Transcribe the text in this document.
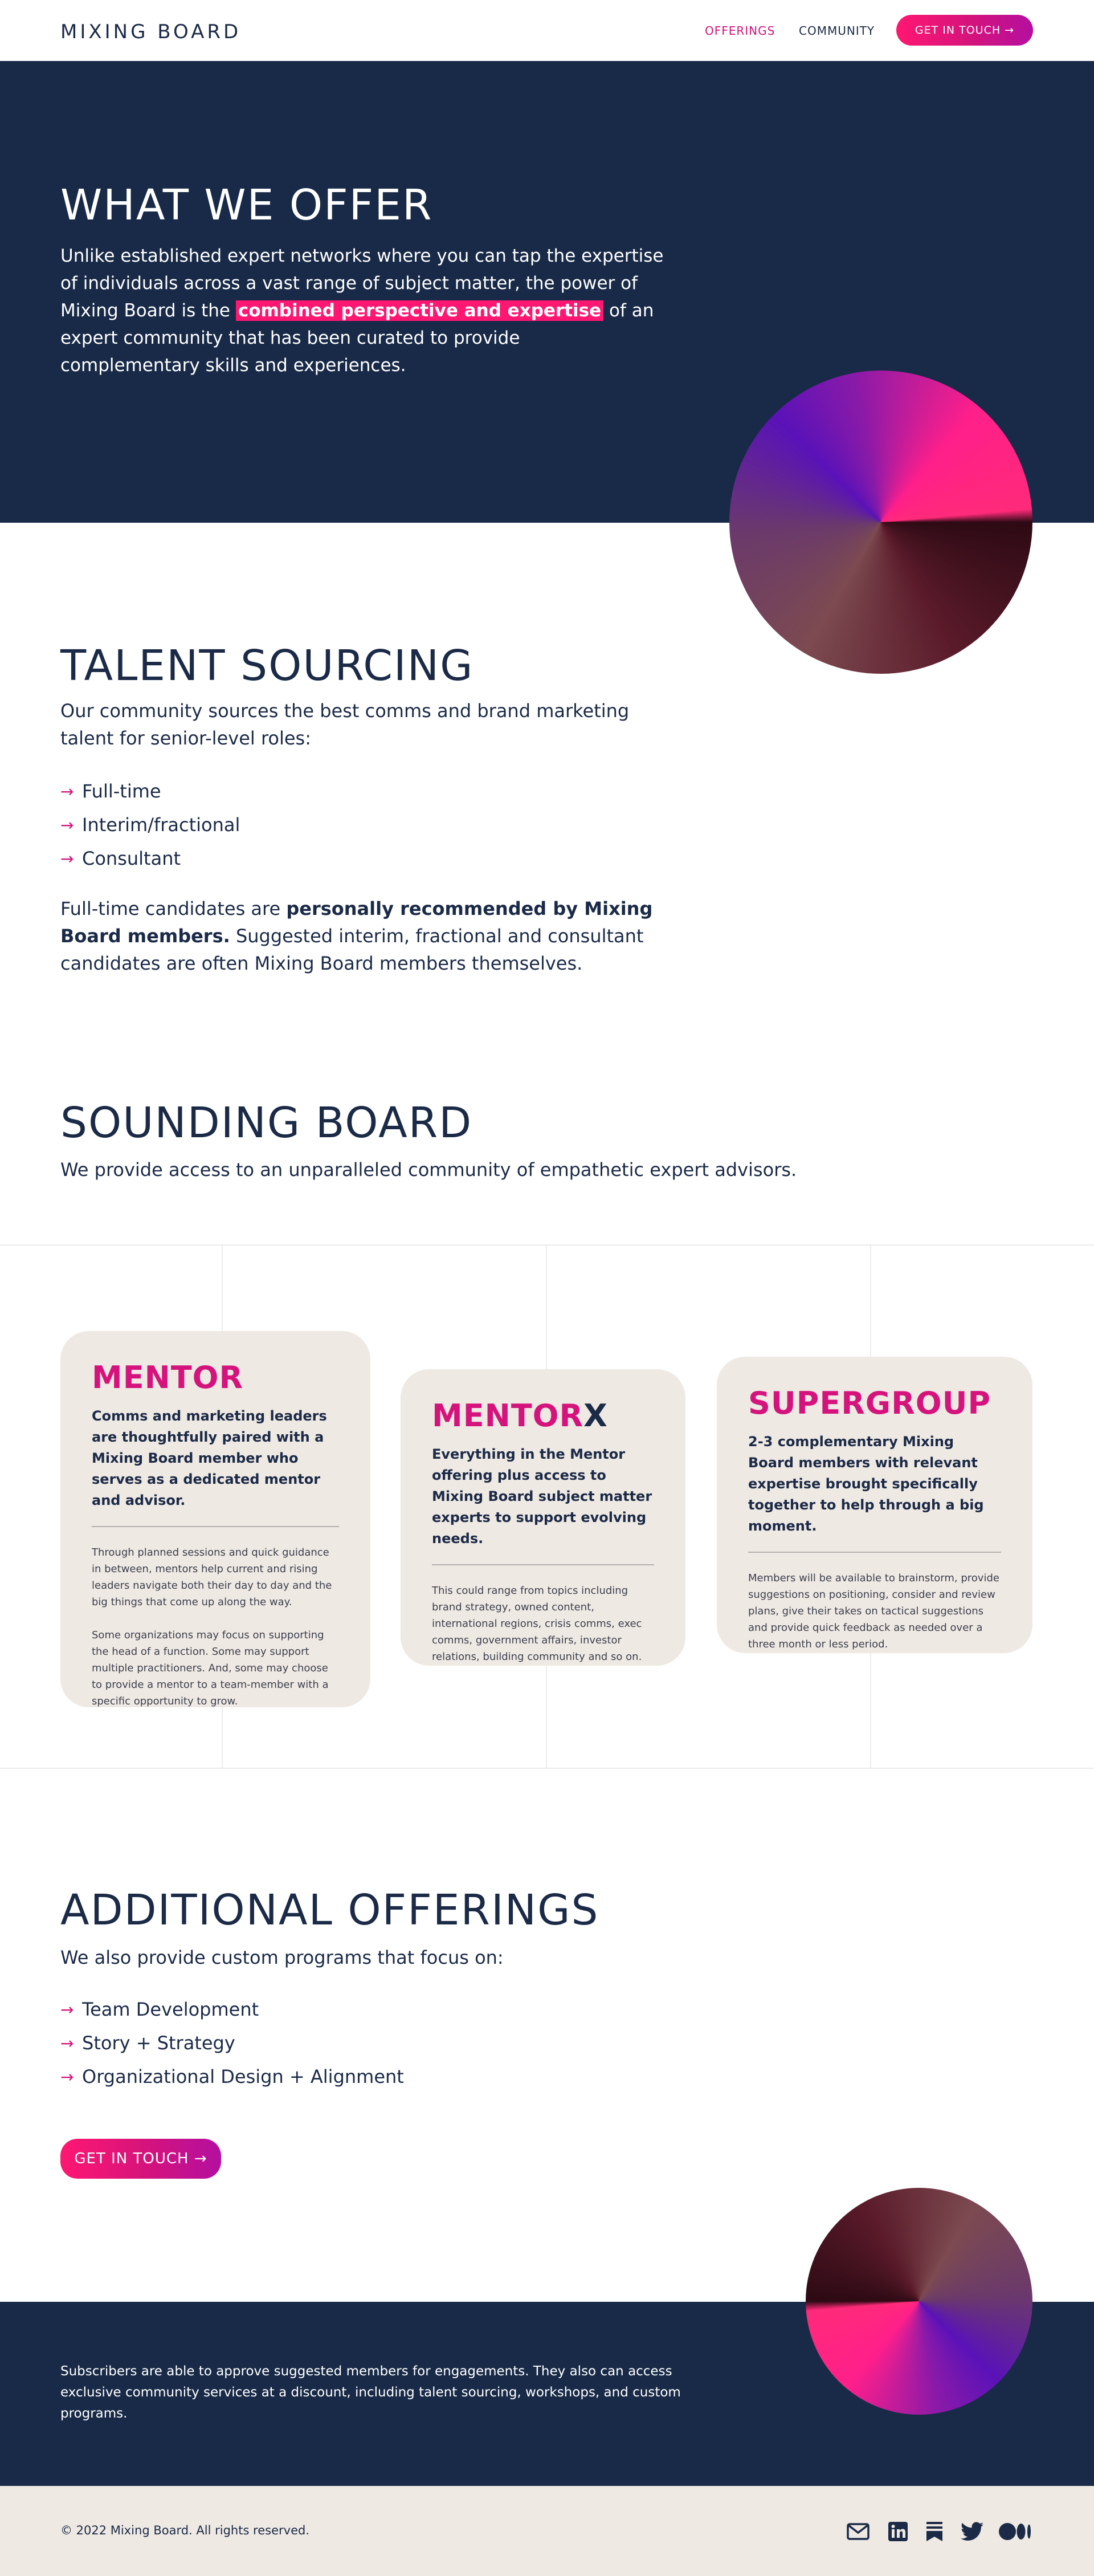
MIXING BOARD	OFFERINGS COMMUNITY	GET IN TOUCH →
WHAT WE OFFER

Unlike established expert networks where you can tap the expertise of individuals across a vast range of subject matter, the power of Mixing Board is the combined perspective and expertise of an expert community that has been curated to provide complementary skills and experiences.

TALENT SOURCING

Our community sources the best comms and brand marketing talent for senior-level roles:

→ Full-time
→ Interim/fractional
→ Consultant

Full-time candidates are personally recommended by Mixing Board members. Suggested interim, fractional and consultant candidates are often Mixing Board members themselves.

SOUNDING BOARD

We provide access to an unparalleled community of empathetic expert advisors.

MENTOR

Comms and marketing leaders are thoughtfully paired with a Mixing Board member who serves as a dedicated mentor and advisor.

Through planned sessions and quick guidance in between, mentors help current and rising leaders navigate both their day to day and the big things that come up along the way.

Some organizations may focus on supporting the head of a function. Some may support multiple practitioners. And, some may choose to provide a mentor to a team-member with a specific opportunity to grow.

MENTORX

Everything in the Mentor offering plus access to Mixing Board subject matter experts to support evolving needs.

This could range from topics including brand strategy, owned content, international regions, crisis comms, exec comms, government affairs, investor relations, building community and so on.

SUPERGROUP

2-3 complementary Mixing Board members with relevant expertise brought specifically together to help through a big moment.

Members will be available to brainstorm, provide suggestions on positioning, consider and review plans, give their takes on tactical suggestions and provide quick feedback as needed over a three month or less period.

ADDITIONAL OFFERINGS

We also provide custom programs that focus on:

→ Team Development
→ Story + Strategy
→ Organizational Design + Alignment
GET IN TOUCH →

Subscribers are able to approve suggested members for engagements. They also can access exclusive community services at a discount, including talent sourcing, workshops, and custom programs.

© 2022 Mixing Board. All rights reserved.
